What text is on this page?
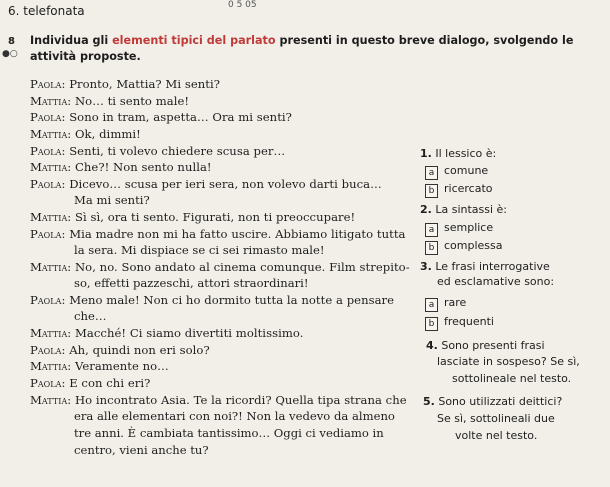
6. telefonata	0 5 05
8
●○
Individua gli elementi tipici del parlato presenti in questo breve dialogo, svolgendo le
attività proposte.
Paola: Pronto, Mattia? Mi senti?
Mattia: No… ti sento male!
Paola: Sono in tram, aspetta… Ora mi senti?
Mattia: Ok, dimmi!
Paola: Senti, ti volevo chiedere scusa per…
Mattia: Che?! Non sento nulla!
Paola: Dicevo… scusa per ieri sera, non volevo darti buca…
Ma mi senti?
Mattia: Sì sì, ora ti sento. Figurati, non ti preoccupare!
Paola: Mia madre non mi ha fatto uscire. Abbiamo litigato tutta
la sera. Mi dispiace se ci sei rimasto male!
Mattia: No, no. Sono andato al cinema comunque. Film strepito-
so, effetti pazzeschi, attori straordinari!
Paola: Meno male! Non ci ho dormito tutta la notte a pensare
che…
Mattia: Macché! Ci siamo divertiti moltissimo.
Paola: Ah, quindi non eri solo?
Mattia: Veramente no…
Paola: E con chi eri?
Mattia: Ho incontrato Asia. Te la ricordi? Quella tipa strana che
era alle elementari con noi?! Non la vedevo da almeno
tre anni. È cambiata tantissimo… Oggi ci vediamo in
centro, vieni anche tu?
1. Il lessico è:
a comune
b ricercato
2. La sintassi è:
a semplice
b complessa
3. Le frasi interrogative
ed esclamative sono:
a rare
b frequenti
4. Sono presenti frasi
lasciate in sospeso? Se sì,
sottolineale nel testo.
5. Sono utilizzati deittici?
Se sì, sottolineali due
volte nel testo.
